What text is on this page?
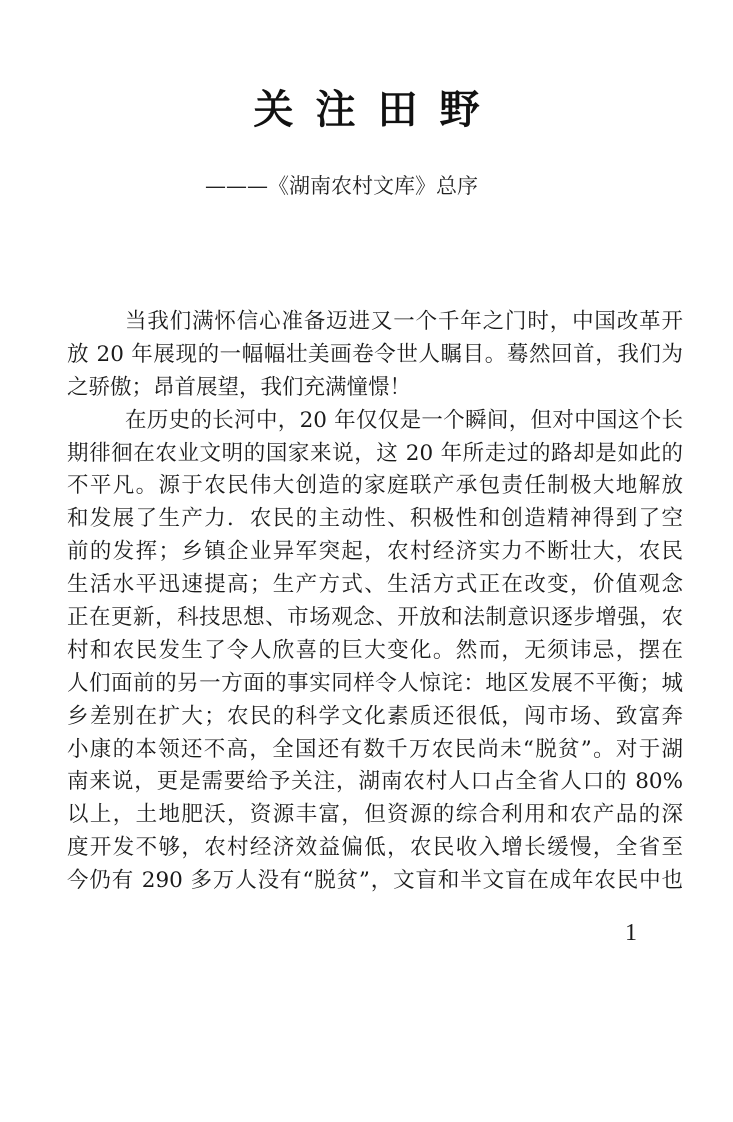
关注田野
———《湖南农村文库》总序
当我们满怀信心准备迈进又一个千年之门时，中国改革开
放 20 年展现的一幅幅壮美画卷令世人瞩目。蓦然回首，我们为
之骄傲；昂首展望，我们充满憧憬！
在历史的长河中，20 年仅仅是一个瞬间，但对中国这个长
期徘徊在农业文明的国家来说，这 20 年所走过的路却是如此的
不平凡。源于农民伟大创造的家庭联产承包责任制极大地解放
和发展了生产力．农民的主动性、积极性和创造精神得到了空
前的发挥；乡镇企业异军突起，农村经济实力不断壮大，农民
生活水平迅速提高；生产方式、生活方式正在改变，价值观念
正在更新，科技思想、市场观念、开放和法制意识逐步增强，农
村和农民发生了令人欣喜的巨大变化。然而，无须讳忌，摆在
人们面前的另一方面的事实同样令人惊诧：地区发展不平衡；城
乡差别在扩大；农民的科学文化素质还很低，闯市场、致富奔
小康的本领还不高，全国还有数千万农民尚未“脱贫”。对于湖
南来说，更是需要给予关注，湖南农村人口占全省人口的 80%
以上，土地肥沃，资源丰富，但资源的综合利用和农产品的深
度开发不够，农村经济效益偏低，农民收入增长缓慢，全省至
今仍有 290 多万人没有“脱贫”，文盲和半文盲在成年农民中也
1
